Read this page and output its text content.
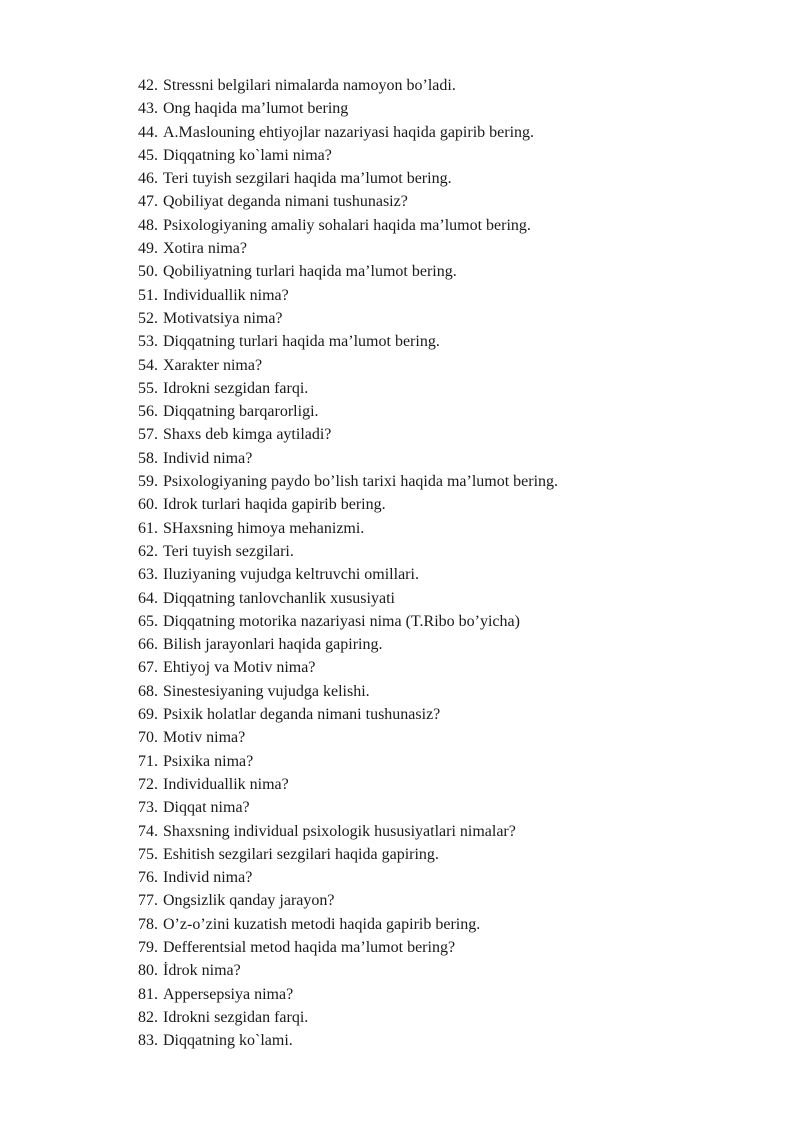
42. Stressni belgilari nimalarda namoyon bo’ladi.
43. Ong haqida ma’lumot bering
44. A.Maslouning ehtiyojlar nazariyasi haqida gapirib bering.
45. Diqqatning ko`lami nima?
46. Teri tuyish sezgilari haqida ma’lumot bering.
47. Qobiliyat deganda nimani tushunasiz?
48. Psixologiyaning amaliy sohalari haqida ma’lumot bering.
49. Xotira nima?
50. Qobiliyatning turlari haqida ma’lumot bering.
51. Individuallik nima?
52. Motivatsiya nima?
53. Diqqatning turlari haqida ma’lumot bering.
54. Xarakter nima?
55. Idrokni sezgidan farqi.
56. Diqqatning barqarorligi.
57. Shaxs deb kimga aytiladi?
58. Individ nima?
59. Psixologiyaning paydo bo’lish tarixi haqida ma’lumot bering.
60. Idrok turlari haqida gapirib bering.
61. SHaxsning himoya mehanizmi.
62. Teri tuyish sezgilari.
63. Iluziyaning vujudga keltruvchi omillari.
64. Diqqatning tanlovchanlik xususiyati
65. Diqqatning motorika nazariyasi nima (T.Ribo bo’yicha)
66. Bilish jarayonlari haqida gapiring.
67. Ehtiyoj va Motiv nima?
68. Sinestesiyaning vujudga kelishi.
69. Psixik holatlar deganda nimani tushunasiz?
70. Motiv nima?
71. Psixika nima?
72. Individuallik nima?
73. Diqqat nima?
74. Shaxsning individual psixologik hususiyatlari nimalar?
75. Eshitish sezgilari sezgilari haqida gapiring.
76. Individ nima?
77. Ongsizlik qanday jarayon?
78. O’z-o’zini kuzatish metodi haqida gapirib bering.
79. Defferentsial metod haqida ma’lumot bering?
80. İdrok nima?
81. Appersepsiya nima?
82. Idrokni sezgidan farqi.
83. Diqqatning ko`lami.
